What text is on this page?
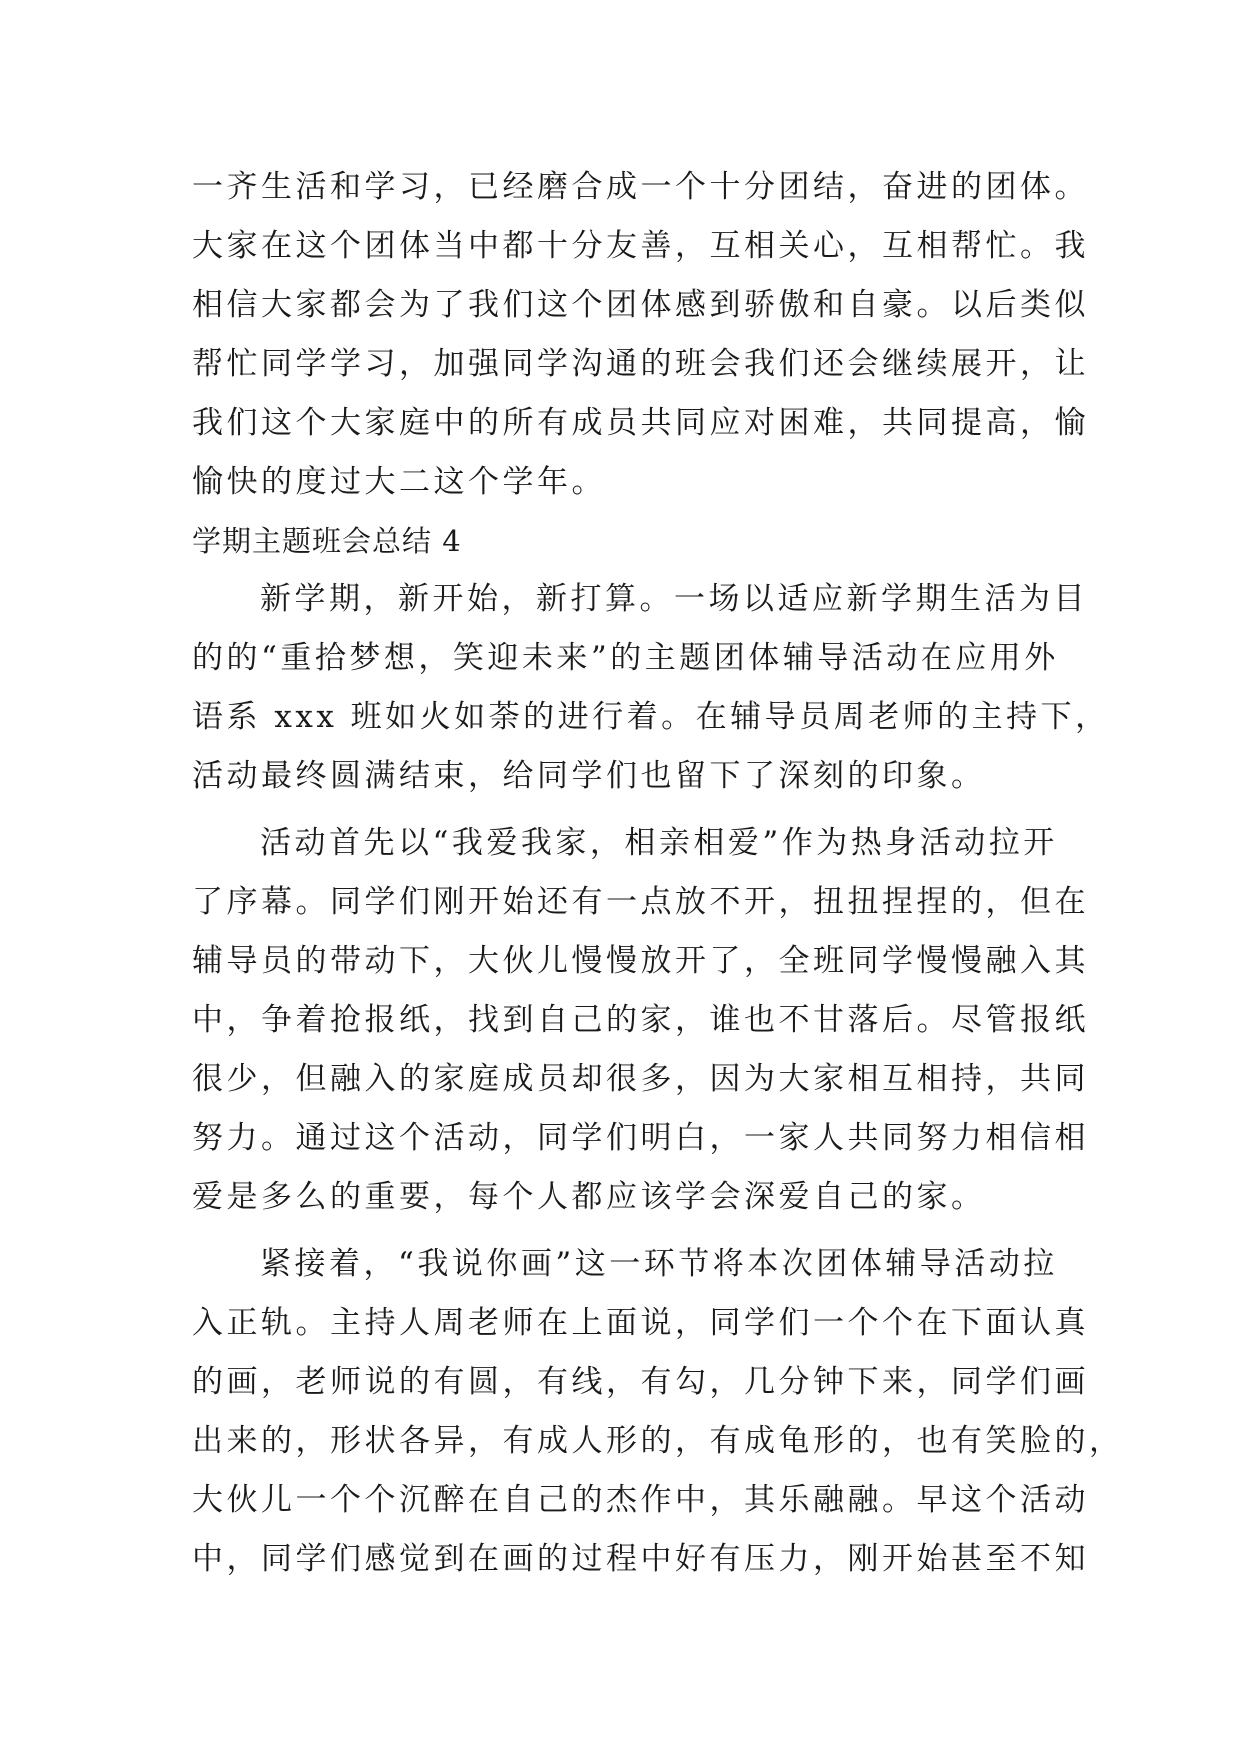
一齐生活和学习，已经磨合成一个十分团结，奋进的团体。
大家在这个团体当中都十分友善，互相关心，互相帮忙。我
相信大家都会为了我们这个团体感到骄傲和自豪。以后类似
帮忙同学学习，加强同学沟通的班会我们还会继续展开，让
我们这个大家庭中的所有成员共同应对困难，共同提高，愉
愉快的度过大二这个学年。
学期主题班会总结 4
新学期，新开始，新打算。一场以适应新学期生活为目
的的“重拾梦想，笑迎未来”的主题团体辅导活动在应用外
语系 xxx 班如火如荼的进行着。在辅导员周老师的主持下，
活动最终圆满结束，给同学们也留下了深刻的印象。
活动首先以“我爱我家，相亲相爱”作为热身活动拉开
了序幕。同学们刚开始还有一点放不开，扭扭捏捏的，但在
辅导员的带动下，大伙儿慢慢放开了，全班同学慢慢融入其
中，争着抢报纸，找到自己的家，谁也不甘落后。尽管报纸
很少，但融入的家庭成员却很多，因为大家相互相持，共同
努力。通过这个活动，同学们明白，一家人共同努力相信相
爱是多么的重要，每个人都应该学会深爱自己的家。
紧接着，“我说你画”这一环节将本次团体辅导活动拉
入正轨。主持人周老师在上面说，同学们一个个在下面认真
的画，老师说的有圆，有线，有勾，几分钟下来，同学们画
出来的，形状各异，有成人形的，有成龟形的，也有笑脸的，
大伙儿一个个沉醉在自己的杰作中，其乐融融。早这个活动
中，同学们感觉到在画的过程中好有压力，刚开始甚至不知
